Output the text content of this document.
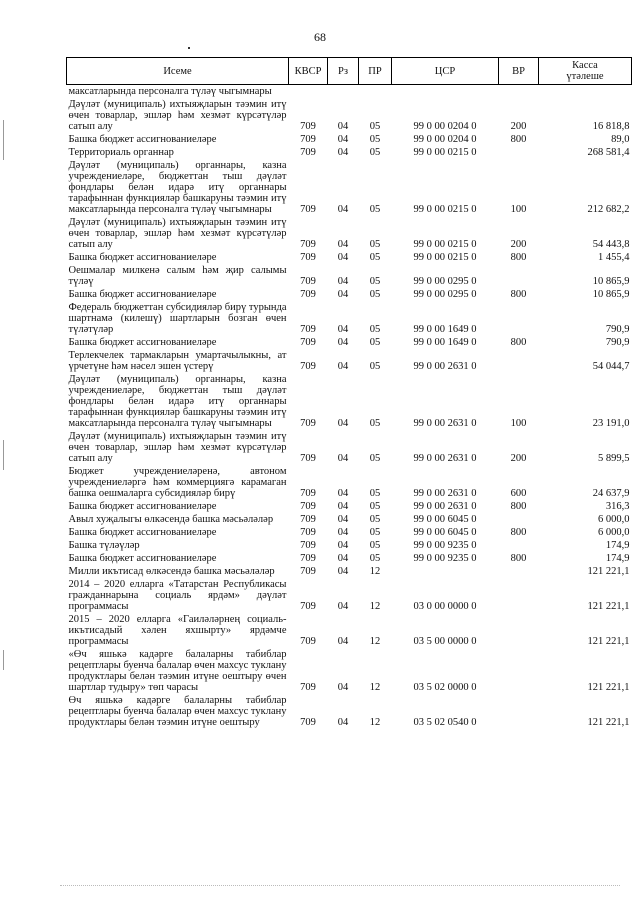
68
Исеме	КВСР	Рз	ПР	ЦСР	ВР	Касса
үтәлеше

максатларында персоналга түләү чыгымнары						
Дәүләт (муниципаль) ихтыяҗларын тәэмин итү өчен товарлар, эшләр һәм хезмәт күрсәтүләр сатып алу	709	04	05	99 0 00 0204 0	200	16 818,8
Башка бюджет ассигнованиеләре	709	04	05	99 0 00 0204 0	800	89,0
Территориаль органнар	709	04	05	99 0 00 0215 0		268 581,4
Дәүләт (муниципаль) органнары, казна учреждениеләре, бюджеттан тыш дәүләт фондлары белән идарә итү органнары тарафыннан функцияләр башкаруны тәэмин итү максатларында персоналга түләү чыгымнары	709	04	05	99 0 00 0215 0	100	212 682,2
Дәүләт (муниципаль) ихтыяҗларын тәэмин итү өчен товарлар, эшләр һәм хезмәт күрсәтүләр сатып алу	709	04	05	99 0 00 0215 0	200	54 443,8
Башка бюджет ассигнованиеләре	709	04	05	99 0 00 0215 0	800	1 455,4
Оешмалар милкенә салым һәм җир салымы түләү	709	04	05	99 0 00 0295 0		10 865,9
Башка бюджет ассигнованиеләре	709	04	05	99 0 00 0295 0	800	10 865,9
Федераль бюджеттан субсидияләр бирү турында шартнамә (килешү) шартларын бозган өчен түләтүләр	709	04	05	99 0 00 1649 0		790,9
Башка бюджет ассигнованиеләре	709	04	05	99 0 00 1649 0	800	790,9
Терлекчелек тармакларын умартачылыкны, ат үрчетүне һәм нәсел эшен үстерү	709	04	05	99 0 00 2631 0		54 044,7
Дәүләт (муниципаль) органнары, казна учреждениеләре, бюджеттан тыш дәүләт фондлары белән идарә итү органнары тарафыннан функцияләр башкаруны тәэмин итү максатларында персоналга түләү чыгымнары	709	04	05	99 0 00 2631 0	100	23 191,0
Дәүләт (муниципаль) ихтыяҗларын тәэмин итү өчен товарлар, эшләр һәм хезмәт күрсәтүләр сатып алу	709	04	05	99 0 00 2631 0	200	5 899,5
Бюджет учреждениеләренә, автоном учреждениеләргә һәм коммерциягә карамаган башка оешмаларга субсидияләр бирү	709	04	05	99 0 00 2631 0	600	24 637,9
Башка бюджет ассигнованиеләре	709	04	05	99 0 00 2631 0	800	316,3
Авыл хуҗалыгы өлкәсендә башка мәсьәләләр	709	04	05	99 0 00 6045 0		6 000,0
Башка бюджет ассигнованиеләре	709	04	05	99 0 00 6045 0	800	6 000,0
Башка түләүләр	709	04	05	99 0 00 9235 0		174,9
Башка бюджет ассигнованиеләре	709	04	05	99 0 00 9235 0	800	174,9
Милли икътисад өлкәсендә башка мәсьәләләр	709	04	12			121 221,1
2014 – 2020 елларга «Татарстан Республикасы гражданнарына социаль ярдәм» дәүләт программасы	709	04	12	03 0 00 0000 0		121 221,1
2015 – 2020 елларга «Гаиләләрнең социаль-икътисадый хәлен яхшырту» ярдәмче программасы	709	04	12	03 5 00 0000 0		121 221,1
«Өч яшькә кадәрге балаларны табиблар рецептлары буенча балалар өчен махсус туклану продуктлары белән тәэмин итүне оештыру өчен шартлар тудыру» төп чарасы	709	04	12	03 5 02 0000 0		121 221,1
Өч яшькә кадәрге балаларны табиблар рецептлары буенча балалар өчен махсус туклану продуктлары белән тәэмин итүне оештыру	709	04	12	03 5 02 0540 0		121 221,1
